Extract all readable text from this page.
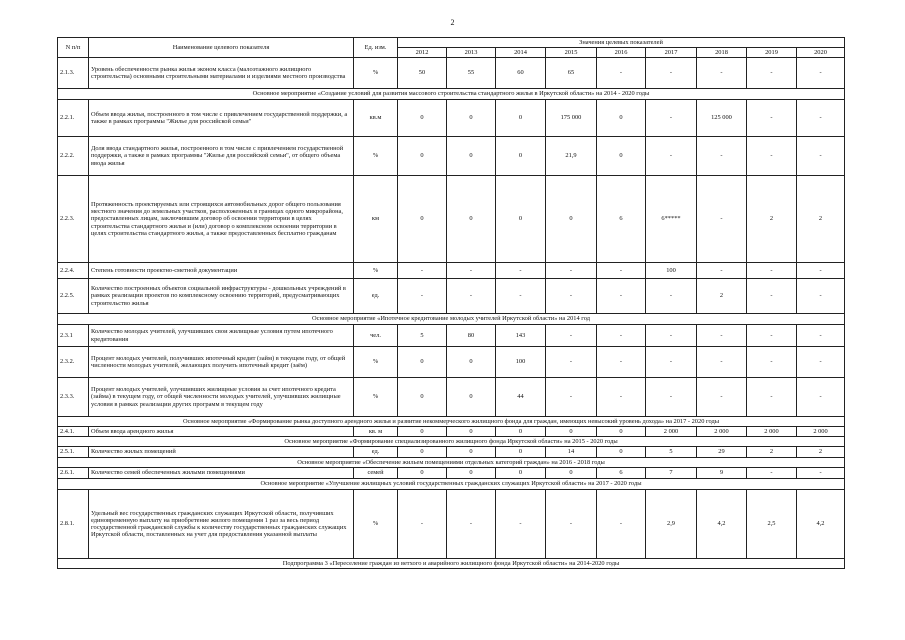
2
N п/п	Наименование целевого показателя	Ед. изм.	Значения целевых показателей								
			2012	2013	2014	2015	2016	2017	2018	2019	2020
2.1.3.	Уровень обеспеченности рынка жилья эконом класса (малоэтажного жилищного строительства) основными строительными материалами и изделиями местного производства	%	50	55	60	65	-	-	-	-	-
Основное мероприятие «Создание условий для развития массового строительства стандартного жилья в Иркутской области» на 2014 - 2020 годы											
2.2.1.	Объем ввода жилья, построенного в том числе с привлечением государственной поддержки, а также в рамках программы "Жилье для российской семьи"	кв.м	0	0	0	175 000	0	-	125 000	-	-
2.2.2.	Доля ввода стандартного жилья, построенного в том числе с привлечением государственной поддержки, а также в рамках программы "Жилье для российской семьи", от общего объема ввода жилья	%	0	0	0	21,9	0	-	-	-	-
2.2.3.	Протяженность проектируемых или строящихся автомобильных дорог общего пользования местного значения до земельных участков, расположенных в границах одного микрорайона, предоставленных лицам, заключившим договор об освоении территории в целях строительства стандартного жилья и (или) договор о комплексном освоении территории в целях строительства стандартного жилья, а также предоставленных бесплатно гражданам	км	0	0	0	0	6	6*****	-	2	2
2.2.4.	Степень готовности проектно-сметной документации	%	-	-	-	-	-	100	-	-	-
2.2.5.	Количество построенных объектов социальной инфраструктуры - дошкольных учреждений в рамках реализации проектов по комплексному освоению территорий, предусматривающих строительство жилья	ед.	-	-	-	-	-	-	2	-	-
Основное мероприятие «Ипотечное кредитование молодых учителей Иркутской области» на 2014 год											
2.3.1	Количество молодых учителей, улучшивших свои жилищные условия путем ипотечного кредитования	чел.	5	80	143	-	-	-	-	-	-
2.3.2.	Процент молодых учителей, получивших ипотечный кредит (займ) в текущем году, от общей численности молодых учителей, желающих получить ипотечный кредит (заём)	%	0	0	100	-	-	-	-	-	-
2.3.3.	Процент молодых учителей, улучшивших жилищные условия за счет ипотечного кредита (займа) в текущем году, от общей численности молодых учителей, улучшивших жилищные условия в рамках реализации других программ в текущем году	%	0	0	44	-	-	-	-	-	-
Основное мероприятие «Формирование рынка доступного арендного жилья и развитие некоммерческого жилищного фонда для граждан, имеющих невысокий уровень дохода» на 2017 - 2020 годы											
2.4.1.	Объем ввода арендного жилья	кв. м	0	0	0	0	0	2 000	2 000	2 000	2 000
Основное мероприятие «Формирование специализированного жилищного фонда Иркутской области» на 2015 - 2020 годы											
2.5.1.	Количество жилых помещений	ед.	0	0	0	14	0	5	29	2	2
Основное мероприятие «Обеспечение жильем помещениями отдельных категорий граждан» на 2016 - 2018 годы											
2.6.1.	Количество семей обеспеченных жилыми помещениями	семей	0	0	0	0	6	7	9	-	-
Основное мероприятие «Улучшение жилищных условий государственных гражданских служащих Иркутской области» на 2017 - 2020 годы											
2.8.1.	Удельный вес государственных гражданских служащих Иркутской области, получивших единовременную выплату на приобретение жилого помещения 1 раз за весь период государственной гражданской службы к количеству государственных гражданских служащих Иркутской области, поставленных на учет для предоставления указанной выплаты	%	-	-	-	-	-	2,9	4,2	2,5	4,2
Подпрограмма 3 «Переселение граждан из ветхого и аварийного жилищного фонда Иркутской области» на 2014-2020 годы											
